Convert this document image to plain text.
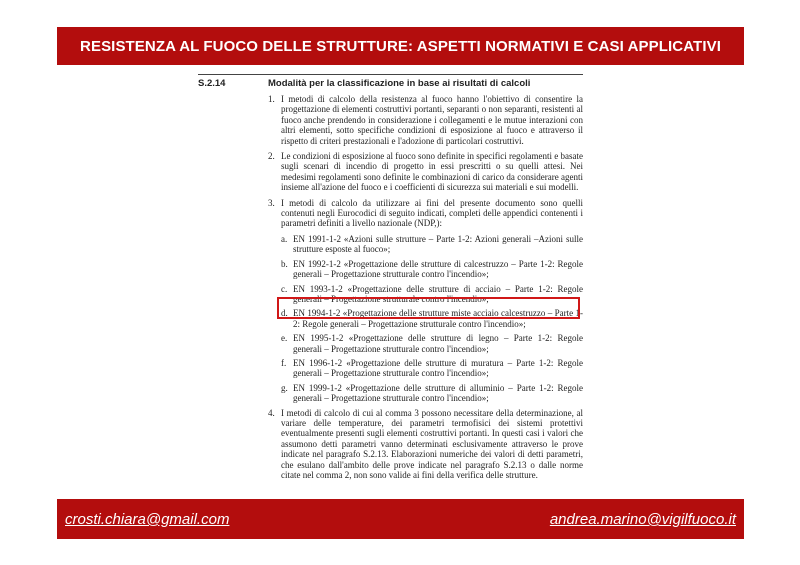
RESISTENZA AL FUOCO DELLE STRUTTURE: ASPETTI NORMATIVI E CASI APPLICATIVI
S.2.14	Modalità per la classificazione in base ai risultati di calcoli
1. I metodi di calcolo della resistenza al fuoco hanno l'obiettivo di consentire la progettazione di elementi costruttivi portanti, separanti o non separanti, resistenti al fuoco anche prendendo in considerazione i collegamenti e le mutue interazioni con altri elementi, sotto specifiche condizioni di esposizione al fuoco e attraverso il rispetto di criteri prestazionali e l'adozione di particolari costruttivi.
2. Le condizioni di esposizione al fuoco sono definite in specifici regolamenti e basate sugli scenari di incendio di progetto in essi prescritti o su quelli attesi. Nei medesimi regolamenti sono definite le combinazioni di carico da considerare agenti insieme all'azione del fuoco e i coefficienti di sicurezza sui materiali e sui modelli.
3. I metodi di calcolo da utilizzare ai fini del presente documento sono quelli contenuti negli Eurocodici di seguito indicati, completi delle appendici contenenti i parametri definiti a livello nazionale (NDP,):
a. EN 1991-1-2 «Azioni sulle strutture – Parte 1-2: Azioni generali –Azioni sulle strutture esposte al fuoco»;
b. EN 1992-1-2 «Progettazione delle strutture di calcestruzzo – Parte 1-2: Regole generali – Progettazione strutturale contro l'incendio»;
c. EN 1993-1-2 «Progettazione delle strutture di acciaio – Parte 1-2: Regole generali – Progettazione strutturale contro l'incendio»;
d. EN 1994-1-2 «Progettazione delle strutture miste acciaio calcestruzzo – Parte 1-2: Regole generali – Progettazione strutturale contro l'incendio»;
e. EN 1995-1-2 «Progettazione delle strutture di legno – Parte 1-2: Regole generali – Progettazione strutturale contro l'incendio»;
f. EN 1996-1-2 «Progettazione delle strutture di muratura – Parte 1-2: Regole generali – Progettazione strutturale contro l'incendio»;
g. EN 1999-1-2 «Progettazione delle strutture di alluminio – Parte 1-2: Regole generali – Progettazione strutturale contro l'incendio»;
4. I metodi di calcolo di cui al comma 3 possono necessitare della determinazione, al variare delle temperature, dei parametri termofisici dei sistemi protettivi eventualmente presenti sugli elementi costruttivi portanti. In questi casi i valori che assumono detti parametri vanno determinati esclusivamente attraverso le prove indicate nel paragrafo S.2.13. Elaborazioni numeriche dei valori di detti parametri, che esulano dall'ambito delle prove indicate nel paragrafo S.2.13 o dalle norme citate nel comma 2, non sono valide ai fini della verifica delle strutture.
crosti.chiara@gmail.com	andrea.marino@vigilfuoco.it
